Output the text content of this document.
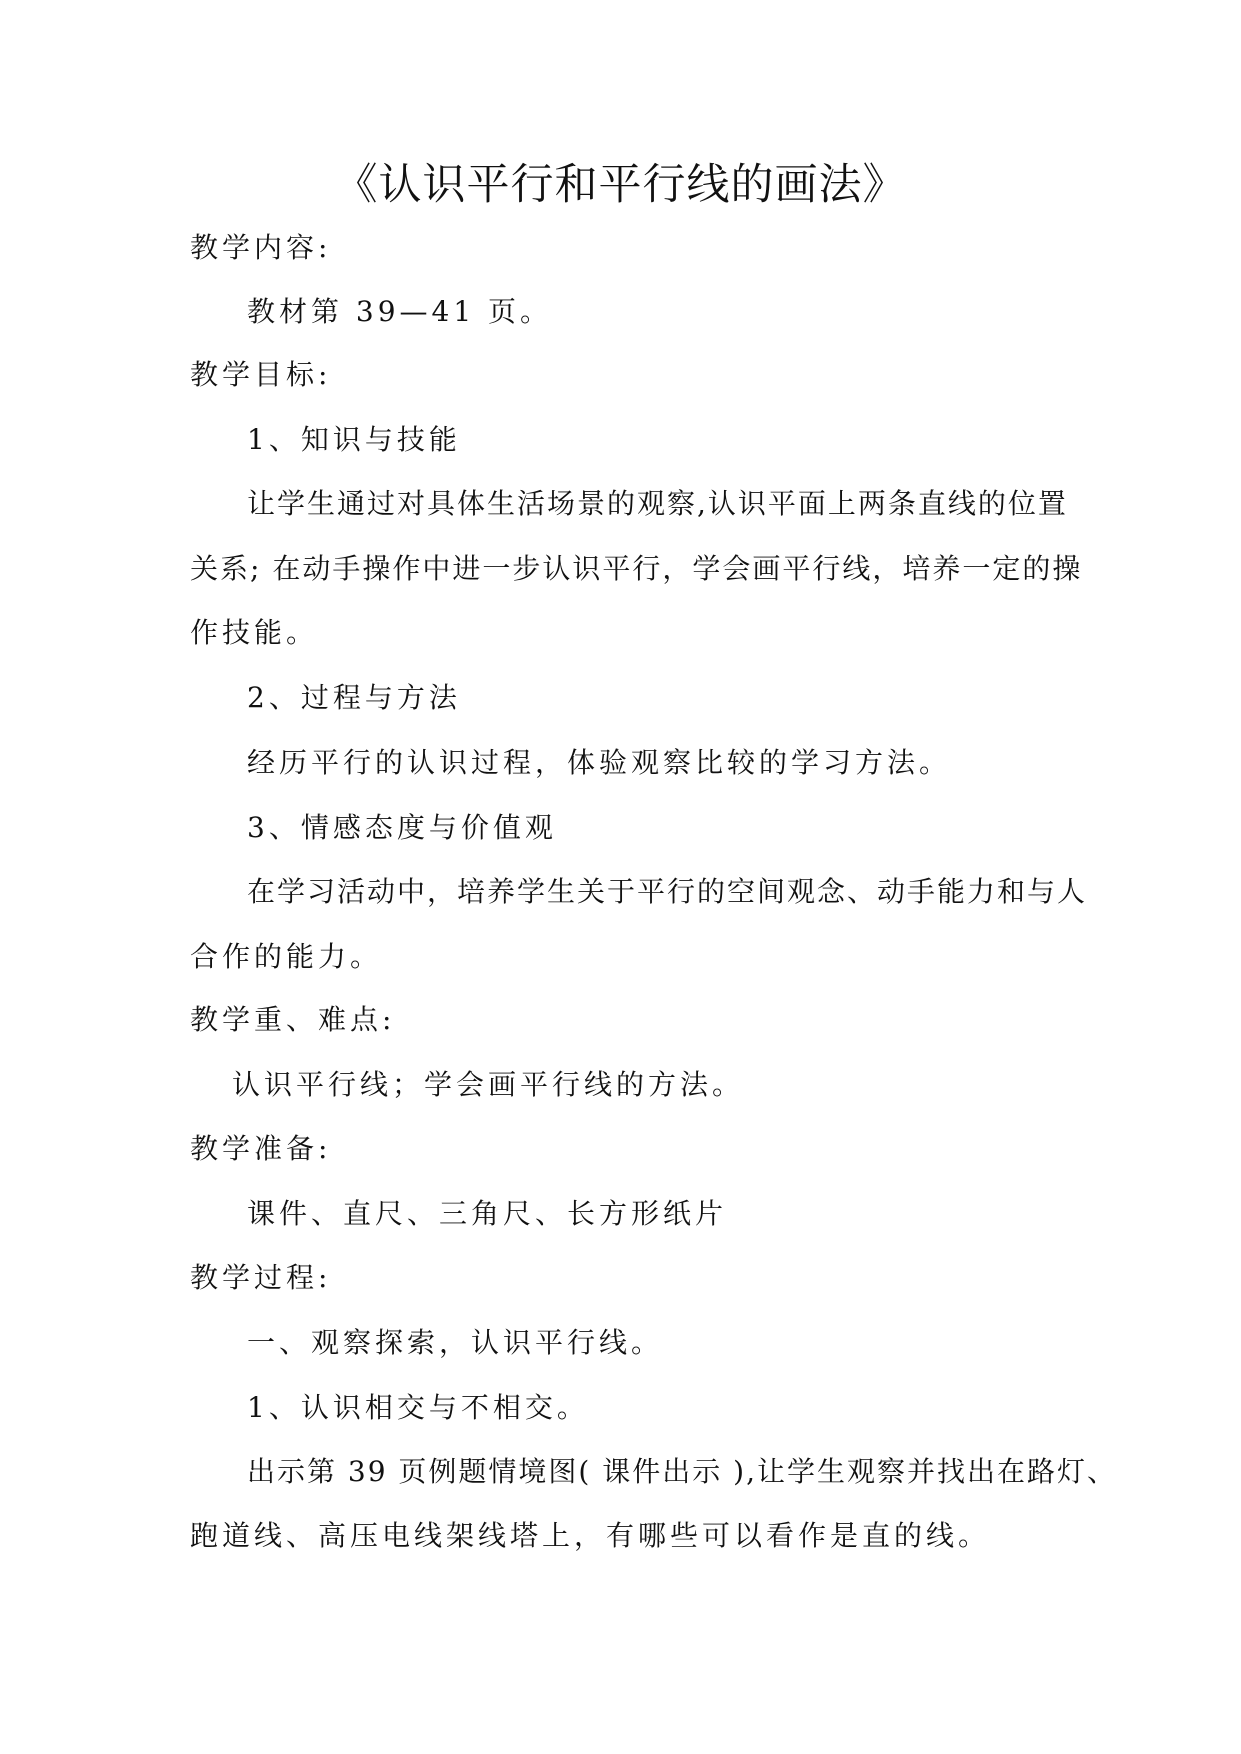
《认识平行和平行线的画法》
教学内容:
教材第 39—41 页。
教学目标:
1、知识与技能
让学生通过对具体生活场景的观察,认识平面上两条直线的位置
关系; 在动手操作中进一步认识平行，学会画平行线，培养一定的操
作技能。
2、过程与方法
经历平行的认识过程，体验观察比较的学习方法。
3、情感态度与价值观
在学习活动中，培养学生关于平行的空间观念、动手能力和与人
合作的能力。
教学重、难点:
认识平行线；学会画平行线的方法。
教学准备:
课件、直尺、三角尺、长方形纸片
教学过程:
一、观察探索，认识平行线。
1、认识相交与不相交。
出示第 39 页例题情境图( 课件出示 ),让学生观察并找出在路灯、
跑道线、高压电线架线塔上，有哪些可以看作是直的线。
